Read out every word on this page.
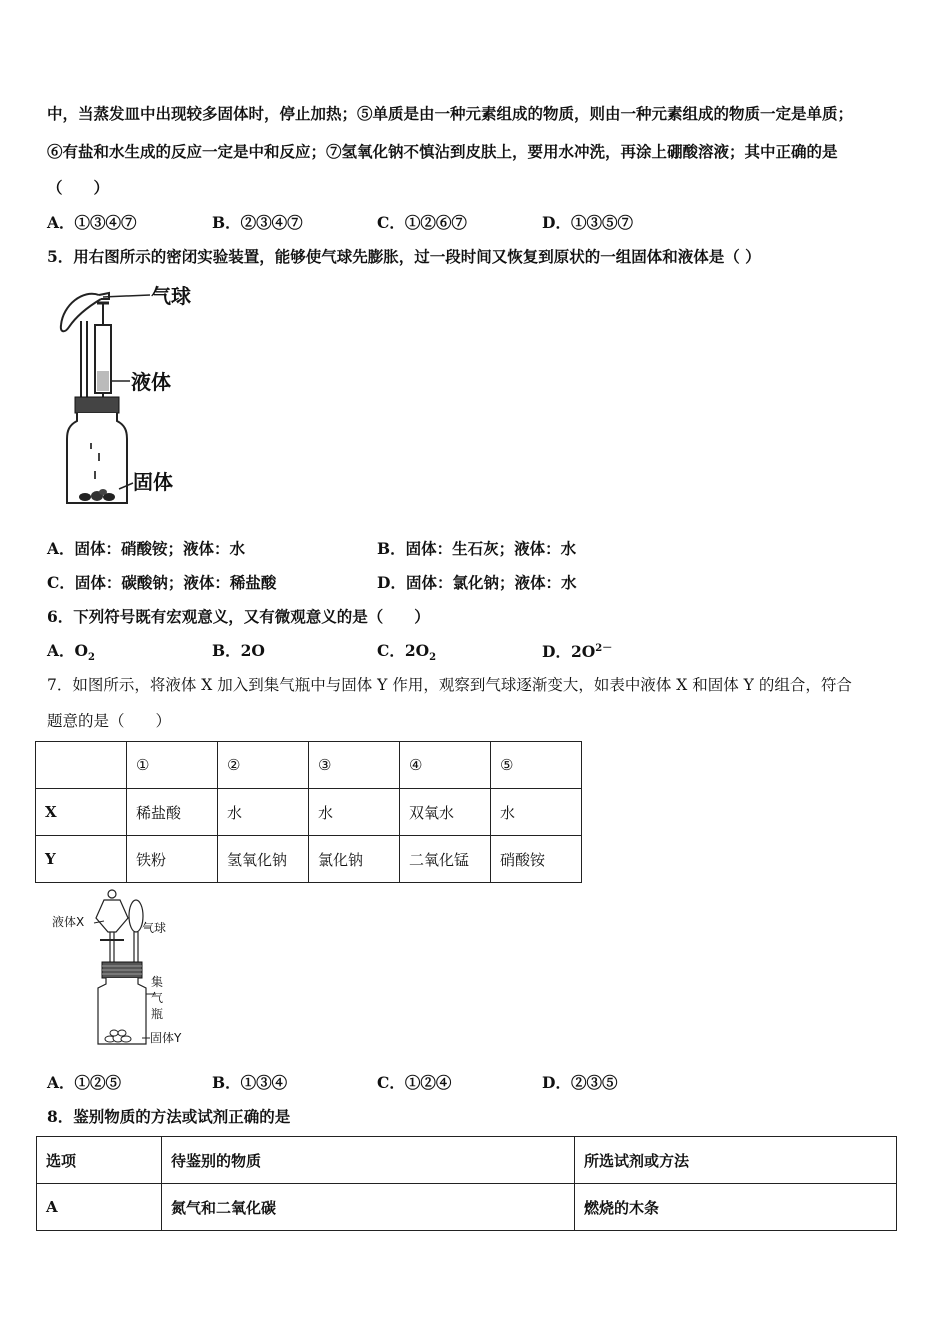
中，当蒸发皿中出现较多固体时，停止加热；⑤单质是由一种元素组成的物质，则由一种元素组成的物质一定是单质；
⑥有盐和水生成的反应一定是中和反应；⑦氢氧化钠不慎沾到皮肤上，要用水冲洗，再涂上硼酸溶液；其中正确的是
（　　）
A．①③④⑦	B．②③④⑦	C．①②⑥⑦	D．①③⑤⑦
5．用右图所示的密闭实验装置，能够使气球先膨胀，过一段时间又恢复到原状的一组固体和液体是（ ）
气球
液体
固体
A．固体：硝酸铵；液体：水	B．固体：生石灰；液体：水
C．固体：碳酸钠；液体：稀盐酸	D．固体：氯化钠；液体：水
6．下列符号既有宏观意义，又有微观意义的是（　　）
A．$O_2$	B．2O	C．$2O_2$	D．$2O^{2-}$
7．如图所示，将液体 X 加入到集气瓶中与固体 Y 作用，观察到气球逐渐变大，如表中液体 X 和固体 Y 的组合，符合
题意的是（　　）
	①	②	③	④	⑤
X	稀盐酸	水	水	双氧水	水
Y	铁粉	氢氧化钠	氯化钠	二氧化锰	硝酸铵
液体X	气球
集
气
瓶
固体Y
A．①②⑤	B．①③④	C．①②④	D．②③⑤
8．鉴别物质的方法或试剂正确的是
选项	待鉴别的物质	所选试剂或方法
A	氮气和二氧化碳	燃烧的木条
